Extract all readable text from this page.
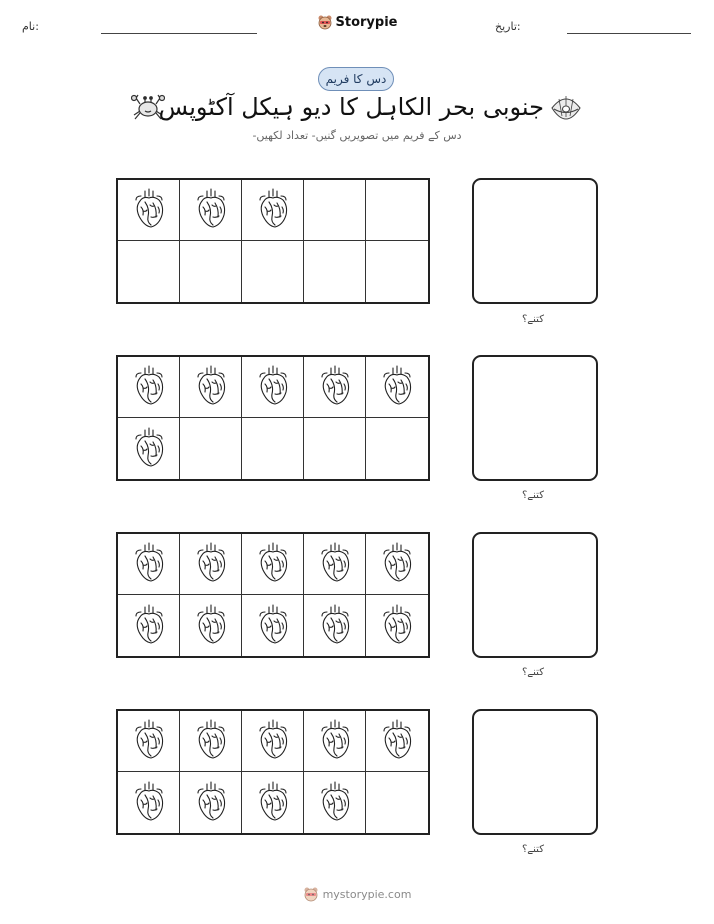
نام:	Storypie	تاریخ:
دس کا فریم
جنوبی بحر الکاہل کا دیو ہیکل آکٹوپس
دس کے فریم میں تصویریں گنیں- تعداد لکھیں-
کتنے؟
کتنے؟
کتنے؟
کتنے؟
mystorypie.com
